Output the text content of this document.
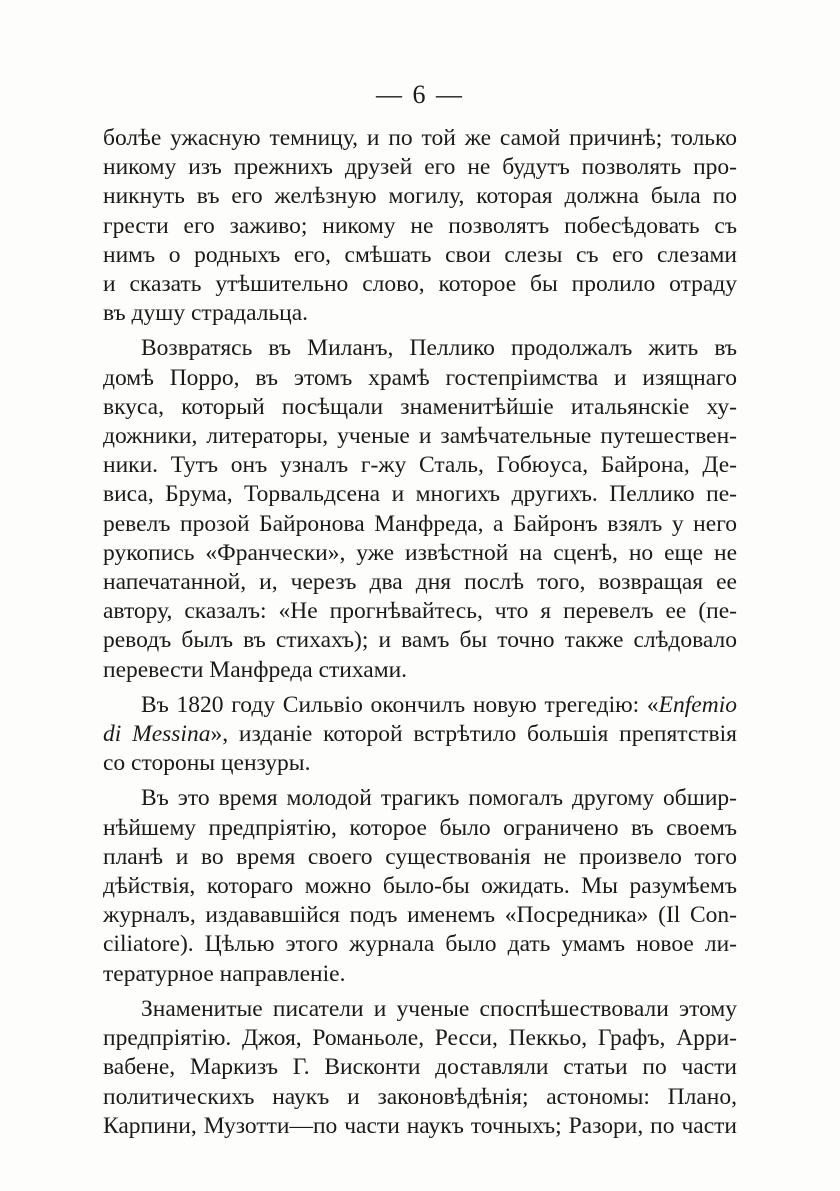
— 6 —

болѣе ужасную темницу, и по той же самой причинѣ; только
никому изъ прежнихъ друзей его не будутъ позволять про-
никнуть въ его желѣзную могилу, которая должна была по
грести его заживо; никому не позволятъ побесѣдовать съ
нимъ о родныхъ его, смѣшать свои слезы съ его слезами
и сказать утѣшительно слово, которое бы пролило отраду
въ душу страдальца.

Возвратясь въ Миланъ, Пеллико продолжалъ жить въ
домѣ Порро, въ этомъ храмѣ гостепріимства и изящнаго
вкуса, который посѣщали знаменитѣйшіе итальянскіе ху-
дожники, литераторы, ученые и замѣчательные путешествен-
ники. Тутъ онъ узналъ г-жу Сталь, Гобюуса, Байрона, Де-
виса, Брума, Торвальдсена и многихъ другихъ. Пеллико пе-
ревелъ прозой Байронова Манфреда, а Байронъ взялъ у него
рукопись «Франчески», уже извѣстной на сценѣ, но еще не
напечатанной, и, черезъ два дня послѣ того, возвращая ее
автору, сказалъ: «Не прогнѣвайтесь, что я перевелъ ее (пе-
реводъ былъ въ стихахъ); и вамъ бы точно также слѣдовало
перевести Манфреда стихами.

Въ 1820 году Сильвіо окончилъ новую трегедію: «Enfemio
di Messina», изданіе которой встрѣтило большія препятствія
со стороны цензуры.

Въ это время молодой трагикъ помогалъ другому обшир-
нѣйшему предпріятію, которое было ограничено въ своемъ
планѣ и во время своего существованія не произвело того
дѣйствія, котораго можно было-бы ожидать. Мы разумѣемъ
журналъ, издававшійся подъ именемъ «Посредника» (Il Con-
ciliatore). Цѣлью этого журнала было дать умамъ новое ли-
тературное направленіе.

Знаменитые писатели и ученые споспѣшествовали этому
предпріятію. Джоя, Романьоле, Ресси, Пеккьо, Графъ, Арри-
вабене, Маркизъ Г. Висконти доставляли статьи по части
политическихъ наукъ и законовѣдѣнія; астономы: Плано,
Карпини, Музотти—по части наукъ точныхъ; Разори, по части
